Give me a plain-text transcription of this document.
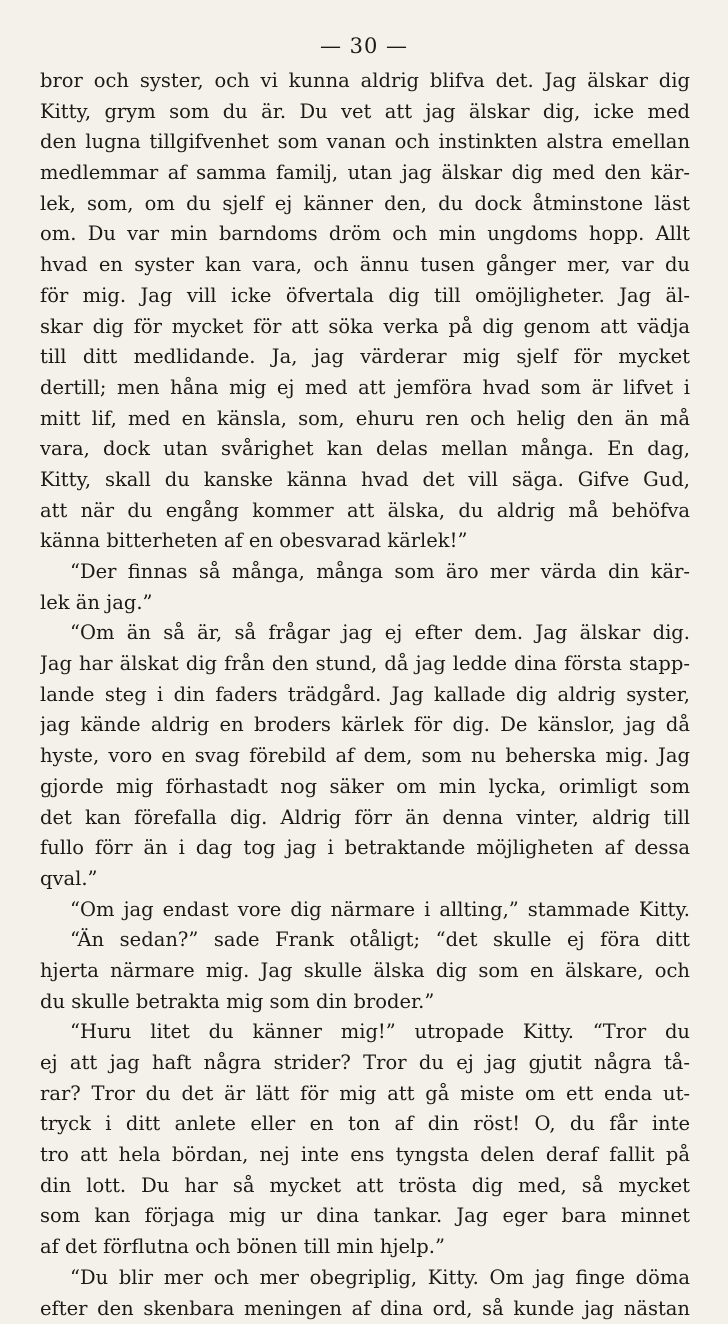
— 30 —
bror och syster, och vi kunna aldrig blifva det. Jag älskar dig
Kitty, grym som du är. Du vet att jag älskar dig, icke med
den lugna tillgifvenhet som vanan och instinkten alstra emellan
medlemmar af samma familj, utan jag älskar dig med den kär-
lek, som, om du sjelf ej känner den, du dock åtminstone läst
om. Du var min barndoms dröm och min ungdoms hopp. Allt
hvad en syster kan vara, och ännu tusen gånger mer, var du
för mig. Jag vill icke öfvertala dig till omöjligheter. Jag äl-
skar dig för mycket för att söka verka på dig genom att vädja
till ditt medlidande. Ja, jag värderar mig sjelf för mycket
dertill; men håna mig ej med att jemföra hvad som är lifvet i
mitt lif, med en känsla, som, ehuru ren och helig den än må
vara, dock utan svårighet kan delas mellan många. En dag,
Kitty, skall du kanske känna hvad det vill säga. Gifve Gud,
att när du engång kommer att älska, du aldrig må behöfva
känna bitterheten af en obesvarad kärlek!”
“Der finnas så många, många som äro mer värda din kär-
lek än jag.”
“Om än så är, så frågar jag ej efter dem. Jag älskar dig.
Jag har älskat dig från den stund, då jag ledde dina första stapp-
lande steg i din faders trädgård. Jag kallade dig aldrig syster,
jag kände aldrig en broders kärlek för dig. De känslor, jag då
hyste, voro en svag förebild af dem, som nu beherska mig. Jag
gjorde mig förhastadt nog säker om min lycka, orimligt som
det kan förefalla dig. Aldrig förr än denna vinter, aldrig till
fullo förr än i dag tog jag i betraktande möjligheten af dessa
qval.”
“Om jag endast vore dig närmare i allting,” stammade Kitty.
“Än sedan?” sade Frank otåligt; “det skulle ej föra ditt
hjerta närmare mig. Jag skulle älska dig som en älskare, och
du skulle betrakta mig som din broder.”
“Huru litet du känner mig!” utropade Kitty. “Tror du
ej att jag haft några strider? Tror du ej jag gjutit några tå-
rar? Tror du det är lätt för mig att gå miste om ett enda ut-
tryck i ditt anlete eller en ton af din röst! O, du får inte
tro att hela bördan, nej inte ens tyngsta delen deraf fallit på
din lott. Du har så mycket att trösta dig med, så mycket
som kan förjaga mig ur dina tankar. Jag eger bara minnet
af det förflutna och bönen till min hjelp.”
“Du blir mer och mer obegriplig, Kitty. Om jag finge döma
efter den skenbara meningen af dina ord, så kunde jag nästan
